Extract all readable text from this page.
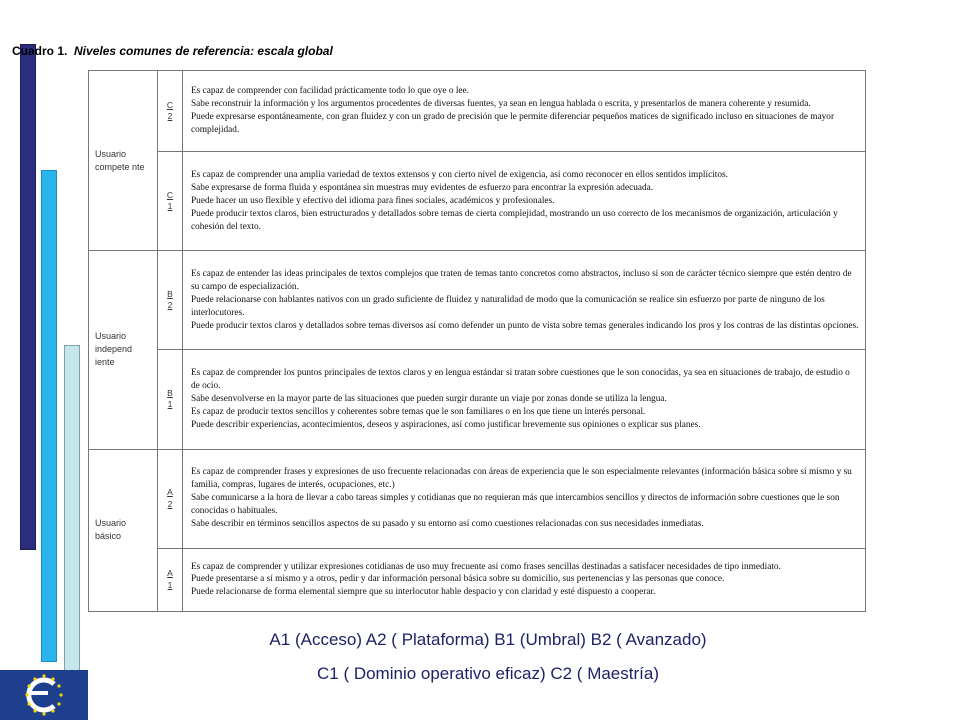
Cuadro 1. Niveles comunes de referencia: escala global
Usuario compete nte	C2	Es capaz de comprender con facilidad prácticamente todo lo que oye o lee.
Sabe reconstruir la información y los argumentos procedentes de diversas fuentes, ya sean en lengua hablada o escrita, y presentarlos de manera coherente y resumida.
Puede expresarse espontáneamente, con gran fluidez y con un grado de precisión que le permite diferenciar pequeños matices de significado incluso en situaciones de mayor complejidad.

	C1	Es capaz de comprender una amplia variedad de textos extensos y con cierto nivel de exigencia, así como reconocer en ellos sentidos implícitos.
Sabe expresarse de forma fluida y espontánea sin muestras muy evidentes de esfuerzo para encontrar la expresión adecuada.
Puede hacer un uso flexible y efectivo del idioma para fines sociales, académicos y profesionales.
Puede producir textos claros, bien estructurados y detallados sobre temas de cierta complejidad, mostrando un uso correcto de los mecanismos de organización, articulación y cohesión del texto.

Usuario independ iente	B2	Es capaz de entender las ideas principales de textos complejos que traten de temas tanto concretos como abstractos, incluso si son de carácter técnico siempre que estén dentro de su campo de especialización.
Puede relacionarse con hablantes nativos con un grado suficiente de fluidez y naturalidad de modo que la comunicación se realice sin esfuerzo por parte de ninguno de los interlocutores.
Puede producir textos claros y detallados sobre temas diversos así como defender un punto de vista sobre temas generales indicando los pros y los contras de las distintas opciones.

	B1	Es capaz de comprender los puntos principales de textos claros y en lengua estándar si tratan sobre cuestiones que le son conocidas, ya sea en situaciones de trabajo, de estudio o de ocio.
Sabe desenvolverse en la mayor parte de las situaciones que pueden surgir durante un viaje por zonas donde se utiliza la lengua.
Es capaz de producir textos sencillos y coherentes sobre temas que le son familiares o en los que tiene un interés personal.
Puede describir experiencias, acontecimientos, deseos y aspiraciones, así como justificar brevemente sus opiniones o explicar sus planes.

Usuario básico	A2	Es capaz de comprender frases y expresiones de uso frecuente relacionadas con áreas de experiencia que le son especialmente relevantes (información básica sobre sí mismo y su familia, compras, lugares de interés, ocupaciones, etc.)
Sabe comunicarse a la hora de llevar a cabo tareas simples y cotidianas que no requieran más que intercambios sencillos y directos de información sobre cuestiones que le son conocidas o habituales.
Sabe describir en términos sencillos aspectos de su pasado y su entorno así como cuestiones relacionadas con sus necesidades inmediatas.

	A1	Es capaz de comprender y utilizar expresiones cotidianas de uso muy frecuente así como frases sencillas destinadas a satisfacer necesidades de tipo inmediato.
Puede presentarse a sí mismo y a otros, pedir y dar información personal básica sobre su domicilio, sus pertenencias y las personas que conoce.
Puede relacionarse de forma elemental siempre que su interlocutor hable despacio y con claridad y esté dispuesto a cooperar.
A1 (Acceso) A2 ( Plataforma) B1 (Umbral) B2 ( Avanzado)
C1 ( Dominio operativo eficaz) C2 ( Maestría)
